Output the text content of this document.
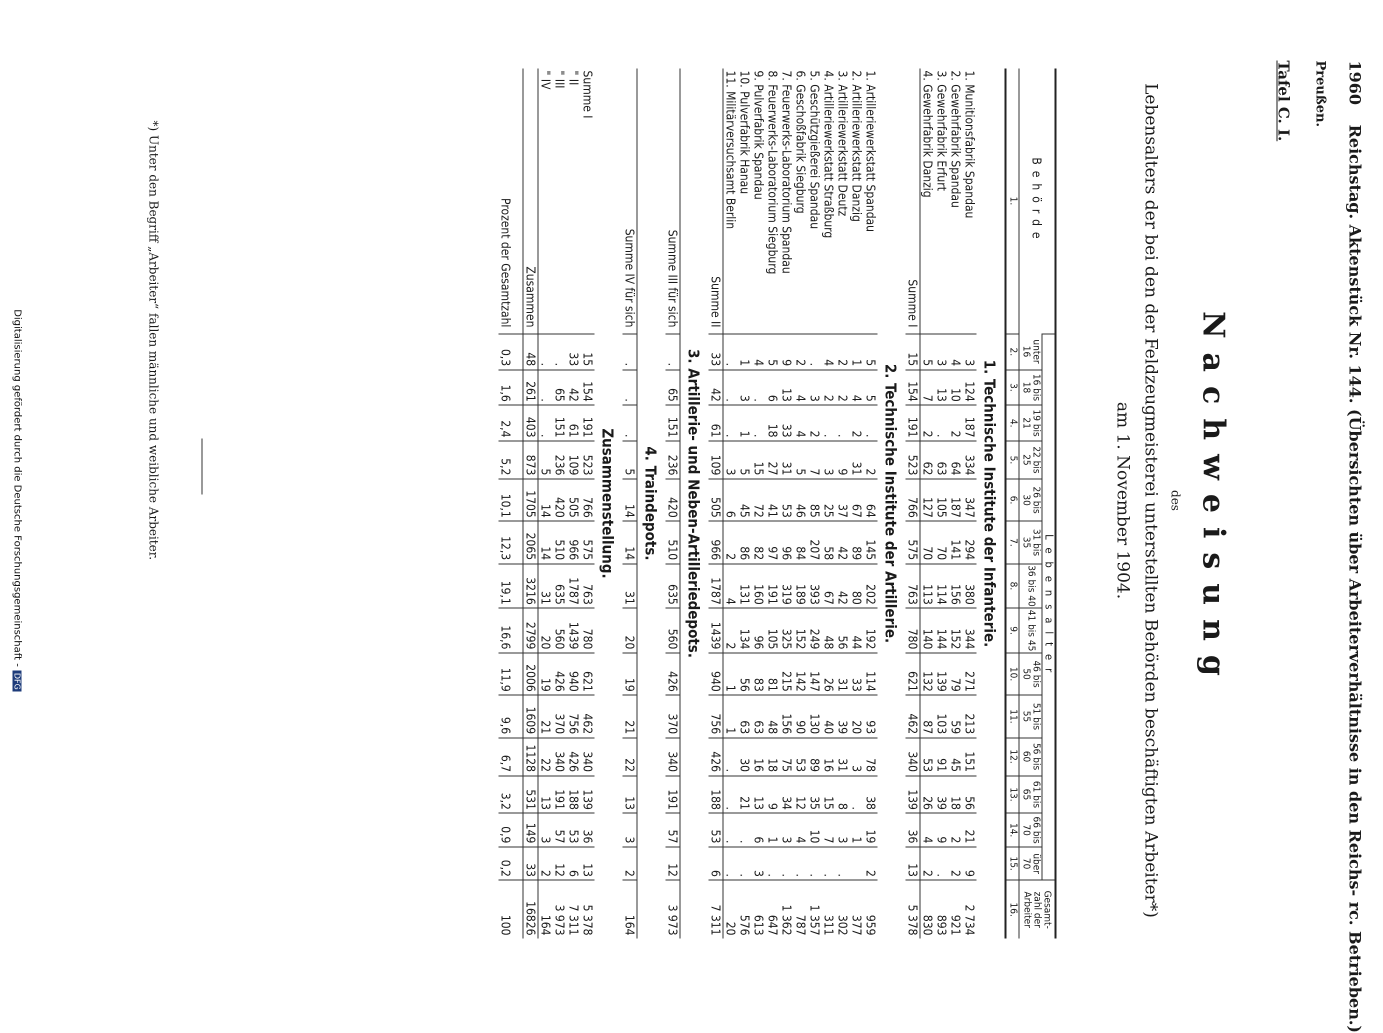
1960 Reichstag. Aktenstück Nr. 144. (Übersichten über Arbeiterverhältnisse in den Reichs- rc. Betrieben.)
Preußen.
Tafel C. I.
Nachweisung
des
Lebensalters der bei den der Feldzeugmeisterei unterstellten Behörden beschäftigten Arbeiter*)
am 1. November 1904.
Behörde	Lebensalter														Gesamt-zahl der Arbeiter
	unter 16	16 bis 18	19 bis 21	22 bis 25	26 bis 30	31 bis 35	36 bis 40	41 bis 45	46 bis 50	51 bis 55	56 bis 60	61 bis 65	66 bis 70	über 70	
1.	2.	3.	4.	5.	6.	7.	8.	9.	10.	11.	12.	13.	14.	15.	16.
1. Technische Institute der Infanterie.															
1. Munitionsfabrik Spandau	3	124	187	334	347	294	380	344	271	213	151	56	21	9	2 734
2. Gewehrfabrik Spandau	4	10	2	64	187	141	156	152	79	59	45	18	2	2	921
3. Gewehrfabrik Erfurt	3	13	.	63	105	70	114	144	139	103	91	39	9	.	893
4. Gewehrfabrik Danzig	5	7	2	62	127	70	113	140	132	87	53	26	4	2	830
Summe I	15	154	191	523	766	575	763	780	621	462	340	139	36	13	5 378
2. Technische Institute der Artillerie.															
1. Artilleriewerkstatt Spandau	5	5	.	2	64	145	202	192	114	93	78	38	19	2	959
2. Artilleriewerkstatt Danzig	1	4	2	31	67	89	80	44	33	20	3	.	1		377
3. Artilleriewerkstatt Deutz	2	2	.	9	37	42	42	56	31	39	31	8	3	.	302
4. Artilleriewerkstatt Straßburg	4	2	.	3	25	58	67	48	26	40	16	15	7	.	311
5. Geschützgießerei Spandau	.	3	2	7	85	207	393	249	147	130	89	35	10	.	1 357
6. Geschoßfabrik Siegburg	2	4	4	5	46	84	189	152	142	90	53	12	4	.	787
7. Feuerwerks-Laboratorium Spandau	9	13	33	31	53	96	319	325	215	156	75	34	3	.	1 362
8. Feuerwerks-Laboratorium Siegburg	5	6	18	27	41	97	191	105	81	48	18	9	1	.	647
9. Pulverfabrik Spandau	4	.	.	15	72	82	160	96	83	63	16	13	6	3	613
10. Pulverfabrik Hanau	1	3	1	5	45	86	131	134	56	63	30	21	.	.	576
11. Militärversuchsamt Berlin	.	.	.	3	6	2	4	2	1	1	.	.	.	.	20
Summe II	33	42	61	109	505	966	1787	1439	940	756	426	188	53	6	7 311
3. Artillerie- und Neben-Artilleriedepots.															
Summe III für sich	.	65	151	236	420	510	635	560	426	370	340	191	57	12	3 973
4. Traindepots.															
Summe IV für sich	.	.	.	5	14	14	31	20	19	21	22	13	3	2	164
Zusammenstellung.															
Summe I	15	154	191	523	766	575	763	780	621	462	340	139	36	13	5 378
" II	33	42	61	109	505	966	1787	1439	940	756	426	188	53	6	7 311
" III	.	65	151	236	420	510	635	560	426	370	340	191	57	12	3 973
" IV	.	.	.	5	14	14	31	20	19	21	22	13	3	2	164
Zusammen	48	261	403	873	1705	2065	3216	2799	2006	1609	1128	531	149	33	16826
Prozent der Gesamtzahl	0,3	1,6	2,4	5,2	10,1	12,3	19,1	16,6	11,9	9,6	6,7	3,2	0,9	0,2	100
*) Unter den Begriff „Arbeiter“ fallen männliche und weibliche Arbeiter.
Digitalisierung gefördert durch die Deutsche Forschungsgemeinschaft -DFG
